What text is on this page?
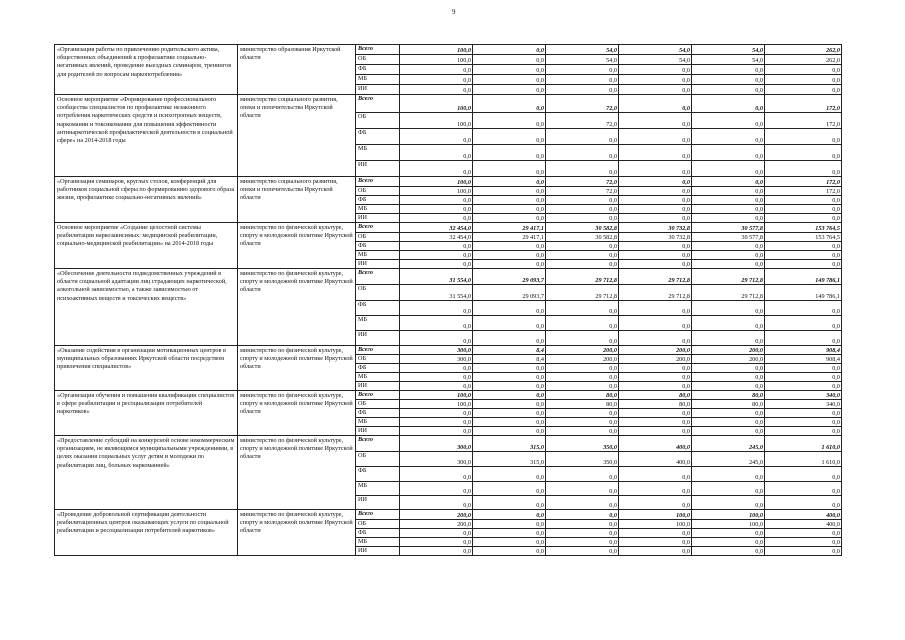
9
«Организация работы по привлечению родительского актива, общественных объединений к профилактике социально-негативных явлений, проведение выездных семинаров, тренингов для родителей по вопросам наркопотребления»	министерство образования Иркутской области	Всего	100,0	0,0	54,0	54,0	54,0	262,0
		ОБ	100,0	0,0	54,0	54,0	54,0	262,0
		ФБ	0,0	0,0	0,0	0,0	0,0	0,0
		МБ	0,0	0,0	0,0	0,0	0,0	0,0
		ИИ	0,0	0,0	0,0	0,0	0,0	0,0
Основное мероприятие «Формирование профессионального сообщества специалистов по профилактике незаконного потребления наркотических средств и психотропных веществ, наркомании и токсикомании для повышения эффективности антинаркотической профилактической деятельности в социальной сфере» на 2014-2018 годы	министерство социального развития, опеки и попечительства Иркутской области	Всего	100,0	0,0	72,0	0,0	0,0	172,0
		ОБ	100,0	0,0	72,0	0,0	0,0	172,0
		ФБ	0,0	0,0	0,0	0,0	0,0	0,0
		МБ	0,0	0,0	0,0	0,0	0,0	0,0
		ИИ	0,0	0,0	0,0	0,0	0,0	0,0
«Организация семинаров, круглых столов, конференций для работников социальной сферы по формированию здорового образа жизни, профилактике социально-негативных явлений»	министерство социального развития, опеки и попечительства Иркутской области	Всего	100,0	0,0	72,0	0,0	0,0	172,0
		ОБ	100,0	0,0	72,0	0,0	0,0	172,0
		ФБ	0,0	0,0	0,0	0,0	0,0	0,0
		МБ	0,0	0,0	0,0	0,0	0,0	0,0
		ИИ	0,0	0,0	0,0	0,0	0,0	0,0
Основное мероприятие «Создание целостной системы реабилитации наркозависимых: медицинской реабилитации, социально-медицинской реабилитации» на 2014-2018 годы	министерство по физической культуре, спорту и молодежной политике Иркутской области	Всего	32 454,0	29 417,1	30 582,8	30 732,8	30 577,8	153 764,5
		ОБ	32 454,0	29 417,1	30 582,8	30 732,8	30 577,8	153 764,5
		ФБ	0,0	0,0	0,0	0,0	0,0	0,0
		МБ	0,0	0,0	0,0	0,0	0,0	0,0
		ИИ	0,0	0,0	0,0	0,0	0,0	0,0
«Обеспечение деятельности подведомственных учреждений в области социальной адаптации лиц страдающих наркотической, алкогольной зависимостью, а также зависимостью от психоактивных веществ и токсических веществ»	министерство по физической культуре, спорту и молодежной политике Иркутской области	Всего	31 554,0	29 093,7	29 712,8	29 712,8	29 712,8	149 786,1
		ОБ	31 554,0	29 093,7	29 712,8	29 712,8	29 712,8	149 786,1
		ФБ	0,0	0,0	0,0	0,0	0,0	0,0
		МБ	0,0	0,0	0,0	0,0	0,0	0,0
		ИИ	0,0	0,0	0,0	0,0	0,0	0,0
«Оказание содействия в организации мотивационных центров в муниципальных образованиях Иркутской области посредством привлечения специалистов»	министерство по физической культуре, спорту и молодежной политике Иркутской области	Всего	300,0	8,4	200,0	200,0	200,0	908,4
		ОБ	300,0	8,4	200,0	200,0	200,0	908,4
		ФБ	0,0	0,0	0,0	0,0	0,0	0,0
		МБ	0,0	0,0	0,0	0,0	0,0	0,0
		ИИ	0,0	0,0	0,0	0,0	0,0	0,0
«Организация обучения и повышения квалификации специалистов в сфере реабилитации и ресоциализации потребителей наркотиков»	министерство по физической культуре, спорту и молодежной политике Иркутской области	Всего	100,0	0,0	80,0	80,0	80,0	340,0
		ОБ	100,0	0,0	80,0	80,0	80,0	340,0
		ФБ	0,0	0,0	0,0	0,0	0,0	0,0
		МБ	0,0	0,0	0,0	0,0	0,0	0,0
		ИИ	0,0	0,0	0,0	0,0	0,0	0,0
«Предоставление субсидий на конкурсной основе некоммерческим организациям, не являющимся муниципальными учреждениями, в целях оказания социальных услуг детям и молодежи по реабилитации лиц, больных наркоманией»	министерство по физической культуре, спорту и молодежной политике Иркутской области	Всего	300,0	315,0	350,0	400,0	245,0	1 610,0
		ОБ	300,0	315,0	350,0	400,0	245,0	1 610,0
		ФБ	0,0	0,0	0,0	0,0	0,0	0,0
		МБ	0,0	0,0	0,0	0,0	0,0	0,0
		ИИ	0,0	0,0	0,0	0,0	0,0	0,0
«Проведение добровольной сертификации деятельности реабилитационных центров оказывающих услуги по социальной реабилитации и ресоциализации потребителей наркотиков»	министерство по физической культуре, спорту и молодежной политике Иркутской области	Всего	200,0	0,0	0,0	100,0	100,0	400,0
		ОБ	200,0	0,0	0,0	100,0	100,0	400,0
		ФБ	0,0	0,0	0,0	0,0	0,0	0,0
		МБ	0,0	0,0	0,0	0,0	0,0	0,0
		ИИ	0,0	0,0	0,0	0,0	0,0	0,0
